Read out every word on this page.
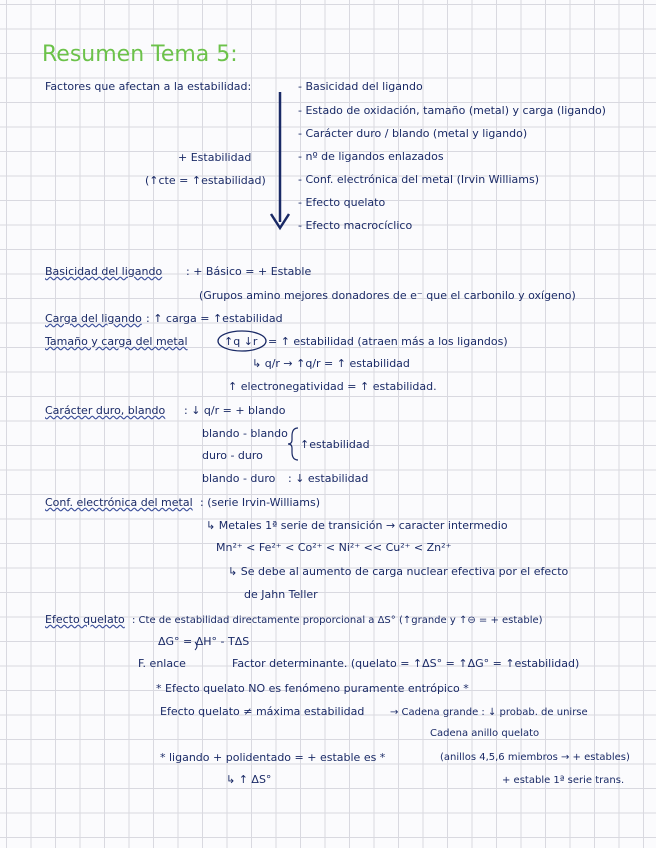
Resumen Tema 5:
Factores que afectan a la estabilidad:	- Basicidad del ligando
- Estado de oxidación, tamaño (metal) y carga (ligando)
- Carácter duro / blando (metal y ligando)
- nº de ligandos enlazados
- Conf. electrónica del metal (Irvin Williams)
- Efecto quelato
- Efecto macrocíclico
+ Estabilidad
(↑cte = ↑estabilidad)
Basicidad del ligando : + Básico = + Estable
(Grupos amino mejores donadores de e⁻ que el carbonilo y oxígeno)
Carga del ligando : ↑ carga = ↑estabilidad
Tamaño y carga del metal	↑q ↓r = ↑ estabilidad (atraen más a los ligandos)
↳ q/r → ↑q/r = ↑ estabilidad
↑ electronegatividad = ↑ estabilidad.
Carácter duro, blando : ↓ q/r = + blando
blando - blando
duro - duro
↑estabilidad
blando - duro : ↓ estabilidad
Conf. electrónica del metal : (serie Irvin-Williams)
↳ Metales 1ª serie de transición → caracter intermedio
Mn²⁺ < Fe²⁺ < Co²⁺ < Ni²⁺ << Cu²⁺ < Zn²⁺
↳ Se debe al aumento de carga nuclear efectiva por el efecto
de Jahn Teller
Efecto quelato : Cte de estabilidad directamente proporcional a ΔS° (↑grande y ↑⊖ = + estable)
ΔG° = ΔH° - TΔS
F. enlace	Factor determinante. (quelato = ↑ΔS° = ↑ΔG° = ↑estabilidad)
* Efecto quelato NO es fenómeno puramente entrópico *
Efecto quelato ≠ máxima estabilidad	→ Cadena grande : ↓ probab. de unirse
Cadena anillo quelato
(anillos 4,5,6 miembros → + estables)
+ estable 1ª serie trans.
* ligando + polidentado = + estable es *
↳ ↑ ΔS°
